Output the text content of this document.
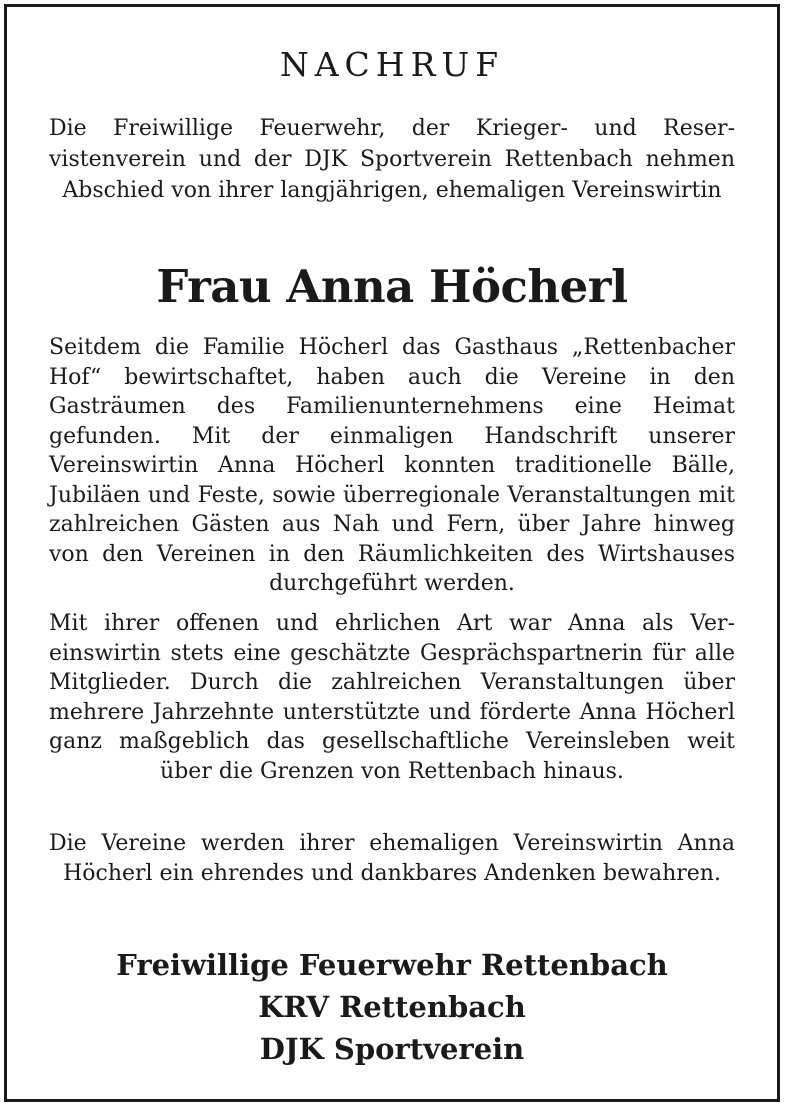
NACHRUF
Die Freiwillige Feuerwehr, der Krieger- und Reservistenverein und der DJK Sportverein Rettenbach nehmen Abschied von ihrer langjährigen, ehemaligen Vereinswirtin
Frau Anna Höcherl
Seitdem die Familie Höcherl das Gasthaus „Rettenbacher Hof“ bewirtschaftet, haben auch die Vereine in den Gasträumen des Familienunternehmens eine Heimat gefunden. Mit der einmaligen Handschrift unserer Vereinswirtin Anna Höcherl konnten traditionelle Bälle, Jubiläen und Feste, sowie überregionale Veranstaltungen mit zahlreichen Gästen aus Nah und Fern, über Jahre hinweg von den Vereinen in den Räumlichkeiten des Wirtshauses durchgeführt werden.
Mit ihrer offenen und ehrlichen Art war Anna als Vereinswirtin stets eine geschätzte Gesprächspartnerin für alle Mitglieder. Durch die zahlreichen Veranstaltungen über mehrere Jahrzehnte unterstützte und förderte Anna Höcherl ganz maßgeblich das gesellschaftliche Vereinsleben weit über die Grenzen von Rettenbach hinaus.
Die Vereine werden ihrer ehemaligen Vereinswirtin Anna Höcherl ein ehrendes und dankbares Andenken bewahren.
Freiwillige Feuerwehr Rettenbach
KRV Rettenbach
DJK Sportverein
